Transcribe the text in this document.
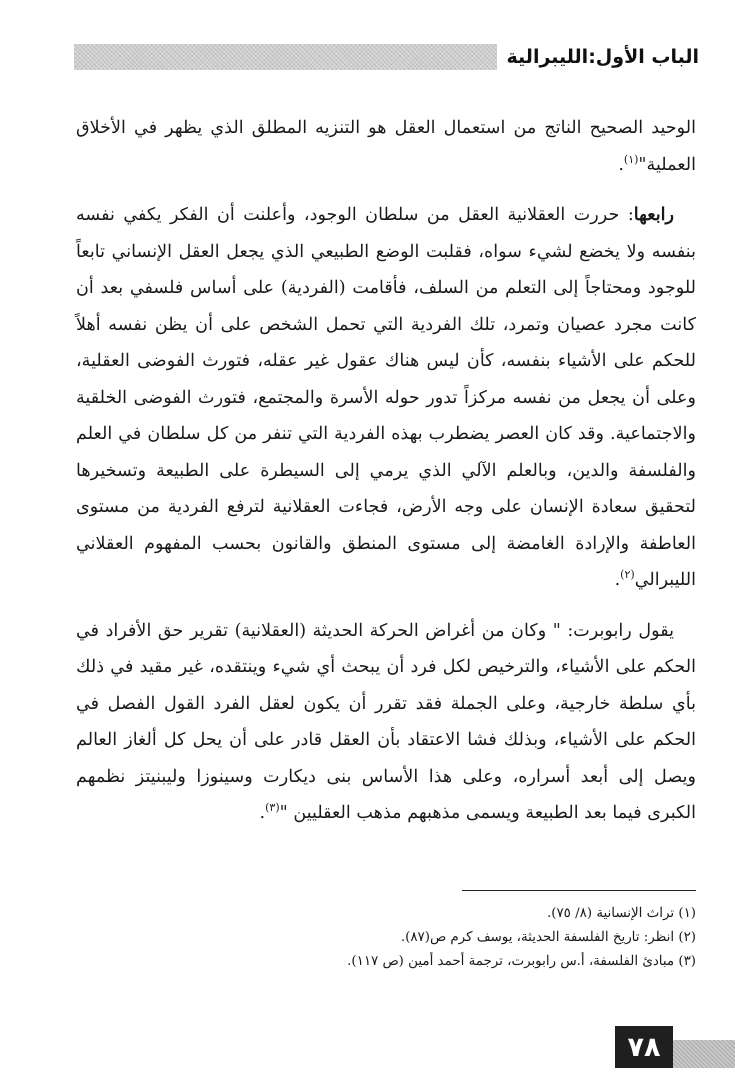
الباب الأول:الليبرالية

الوحيد الصحيح الناتج من استعمال العقل هو التنزيه المطلق الذي يظهر في الأخلاق العملية"$^{(١)}$.

رابعها: حررت العقلانية العقل من سلطان الوجود، وأعلنت أن الفكر يكفي نفسه بنفسه ولا يخضع لشيء سواه، فقلبت الوضع الطبيعي الذي يجعل العقل الإنساني تابعاً للوجود ومحتاجاً إلى التعلم من السلف، فأقامت (الفردية) على أساس فلسفي بعد أن كانت مجرد عصيان وتمرد، تلك الفردية التي تحمل الشخص على أن يظن نفسه أهلاً للحكم على الأشياء بنفسه، كأن ليس هناك عقول غير عقله، فتورث الفوضى العقلية، وعلى أن يجعل من نفسه مركزاً تدور حوله الأسرة والمجتمع، فتورث الفوضى الخلقية والاجتماعية. وقد كان العصر يضطرب بهذه الفردية التي تنفر من كل سلطان في العلم والفلسفة والدين، وبالعلم الآلي الذي يرمي إلى السيطرة على الطبيعة وتسخيرها لتحقيق سعادة الإنسان على وجه الأرض، فجاءت العقلانية لترفع الفردية من مستوى العاطفة والإرادة الغامضة إلى مستوى المنطق والقانون بحسب المفهوم العقلاني الليبرالي$^{(٢)}$.

يقول رابوبرت: " وكان من أغراض الحركة الحديثة (العقلانية) تقرير حق الأفراد في الحكم على الأشياء، والترخيص لكل فرد أن يبحث أي شيء وينتقده، غير مقيد في ذلك بأي سلطة خارجية، وعلى الجملة فقد تقرر أن يكون لعقل الفرد القول الفصل في الحكم على الأشياء، وبذلك فشا الاعتقاد بأن العقل قادر على أن يحل كل ألغاز العالم ويصل إلى أبعد أسراره، وعلى هذا الأساس بنى ديكارت وسينوزا وليبنيتز نظمهم الكبرى فيما بعد الطبيعة ويسمى مذهبهم مذهب العقليين "$^{(٣)}$.

(١) تراث الإنسانية (٨/ ٧٥).

(٢) انظر: تاريخ الفلسفة الحديثة، يوسف كرم ص(٨٧).

(٣) مبادئ الفلسفة، أ.س رابوبرت، ترجمة أحمد أمين (ص ١١٧).

٧٨
